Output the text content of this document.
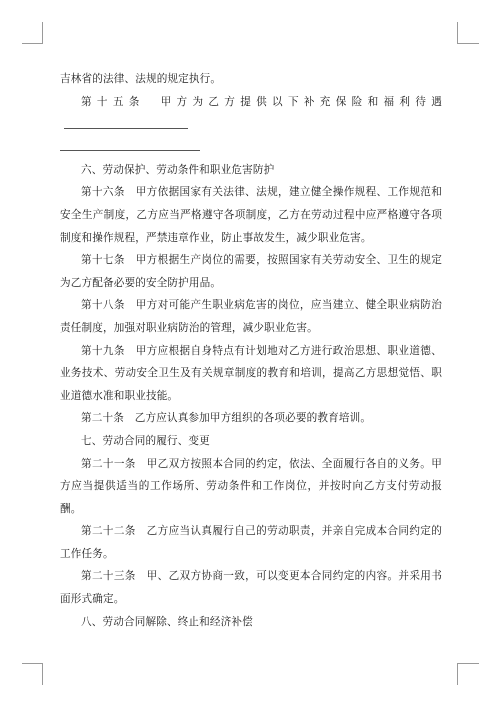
吉林省的法律、法规的规定执行。

第十五条　甲方为乙方提供以下补充保险和福利待遇

六、劳动保护、劳动条件和职业危害防护

第十六条　甲方依据国家有关法律、法规，建立健全操作规程、工作规范和安全生产制度，乙方应当严格遵守各项制度，乙方在劳动过程中应严格遵守各项制度和操作规程，严禁违章作业，防止事故发生，减少职业危害。

第十七条　甲方根据生产岗位的需要，按照国家有关劳动安全、卫生的规定为乙方配备必要的安全防护用品。

第十八条　甲方对可能产生职业病危害的岗位，应当建立、健全职业病防治责任制度，加强对职业病防治的管理，减少职业危害。

第十九条　甲方应根据自身特点有计划地对乙方进行政治思想、职业道德、业务技术、劳动安全卫生及有关规章制度的教育和培训，提高乙方思想觉悟、职业道德水准和职业技能。

第二十条　乙方应认真参加甲方组织的各项必要的教育培训。

七、劳动合同的履行、变更

第二十一条　甲乙双方按照本合同的约定，依法、全面履行各自的义务。甲方应当提供适当的工作场所、劳动条件和工作岗位，并按时向乙方支付劳动报酬。

第二十二条　乙方应当认真履行自己的劳动职责，并亲自完成本合同约定的工作任务。

第二十三条　甲、乙双方协商一致，可以变更本合同约定的内容。并采用书面形式确定。

八、劳动合同解除、终止和经济补偿
